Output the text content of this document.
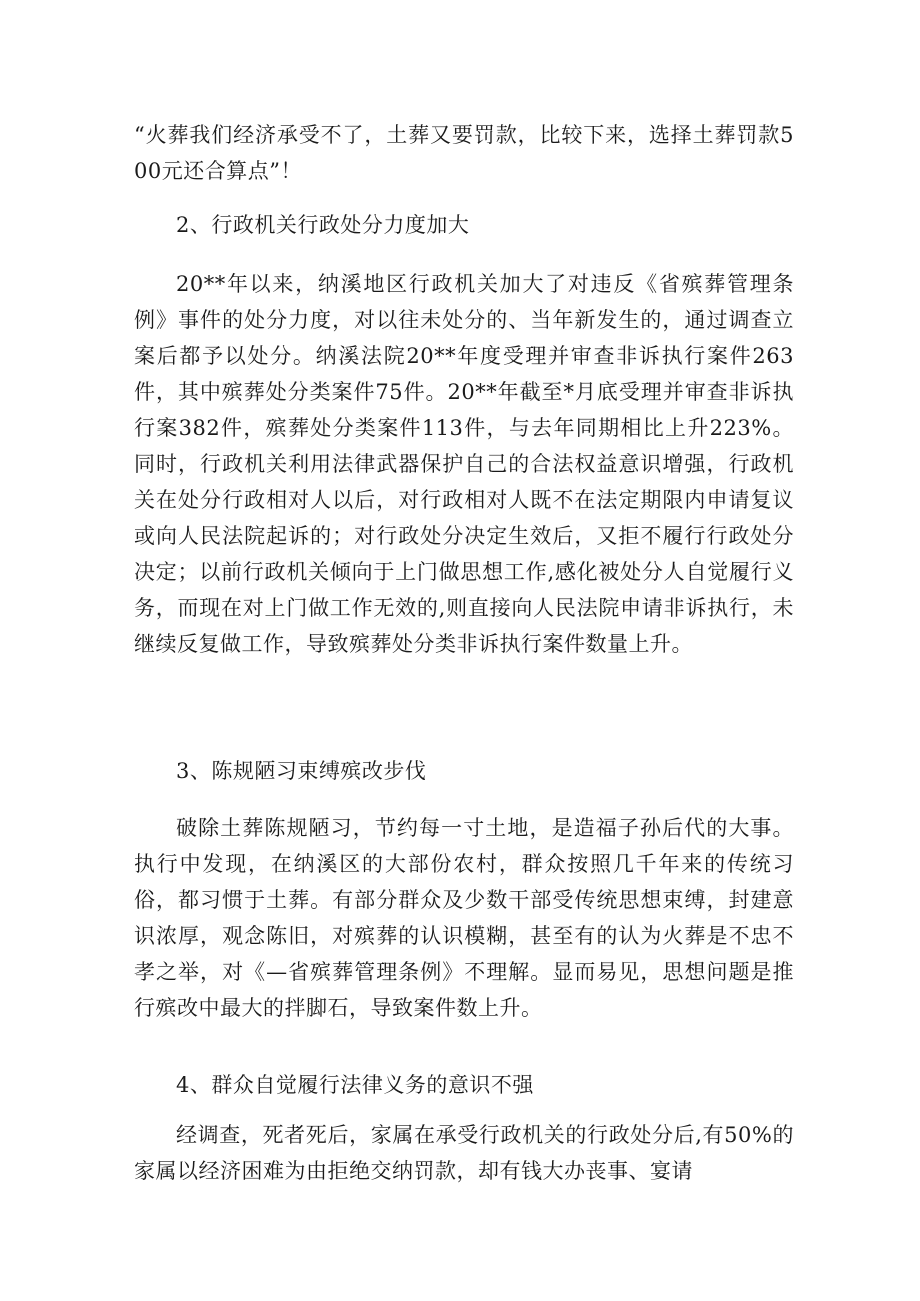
“火葬我们经济承受不了，土葬又要罚款，比较下来，选择土葬罚款500元还合算点”！

2、行政机关行政处分力度加大

20**年以来，纳溪地区行政机关加大了对违反《省殡葬管理条例》事件的处分力度，对以往未处分的、当年新发生的，通过调查立案后都予以处分。纳溪法院20**年度受理并审查非诉执行案件263件，其中殡葬处分类案件75件。20**年截至*月底受理并审查非诉执行案382件，殡葬处分类案件113件，与去年同期相比上升223%。同时，行政机关利用法律武器保护自己的合法权益意识增强，行政机关在处分行政相对人以后，对行政相对人既不在法定期限内申请复议或向人民法院起诉的；对行政处分决定生效后，又拒不履行行政处分决定；以前行政机关倾向于上门做思想工作,感化被处分人自觉履行义务，而现在对上门做工作无效的,则直接向人民法院申请非诉执行，未继续反复做工作，导致殡葬处分类非诉执行案件数量上升。

3、陈规陋习束缚殡改步伐

破除土葬陈规陋习，节约每一寸土地，是造福子孙后代的大事。执行中发现，在纳溪区的大部份农村，群众按照几千年来的传统习俗，都习惯于土葬。有部分群众及少数干部受传统思想束缚，封建意识浓厚，观念陈旧，对殡葬的认识模糊，甚至有的认为火葬是不忠不孝之举，对《—省殡葬管理条例》不理解。显而易见，思想问题是推行殡改中最大的拌脚石，导致案件数上升。

4、群众自觉履行法律义务的意识不强

经调查，死者死后，家属在承受行政机关的行政处分后,有50%的家属以经济困难为由拒绝交纳罚款，却有钱大办丧事、宴请
